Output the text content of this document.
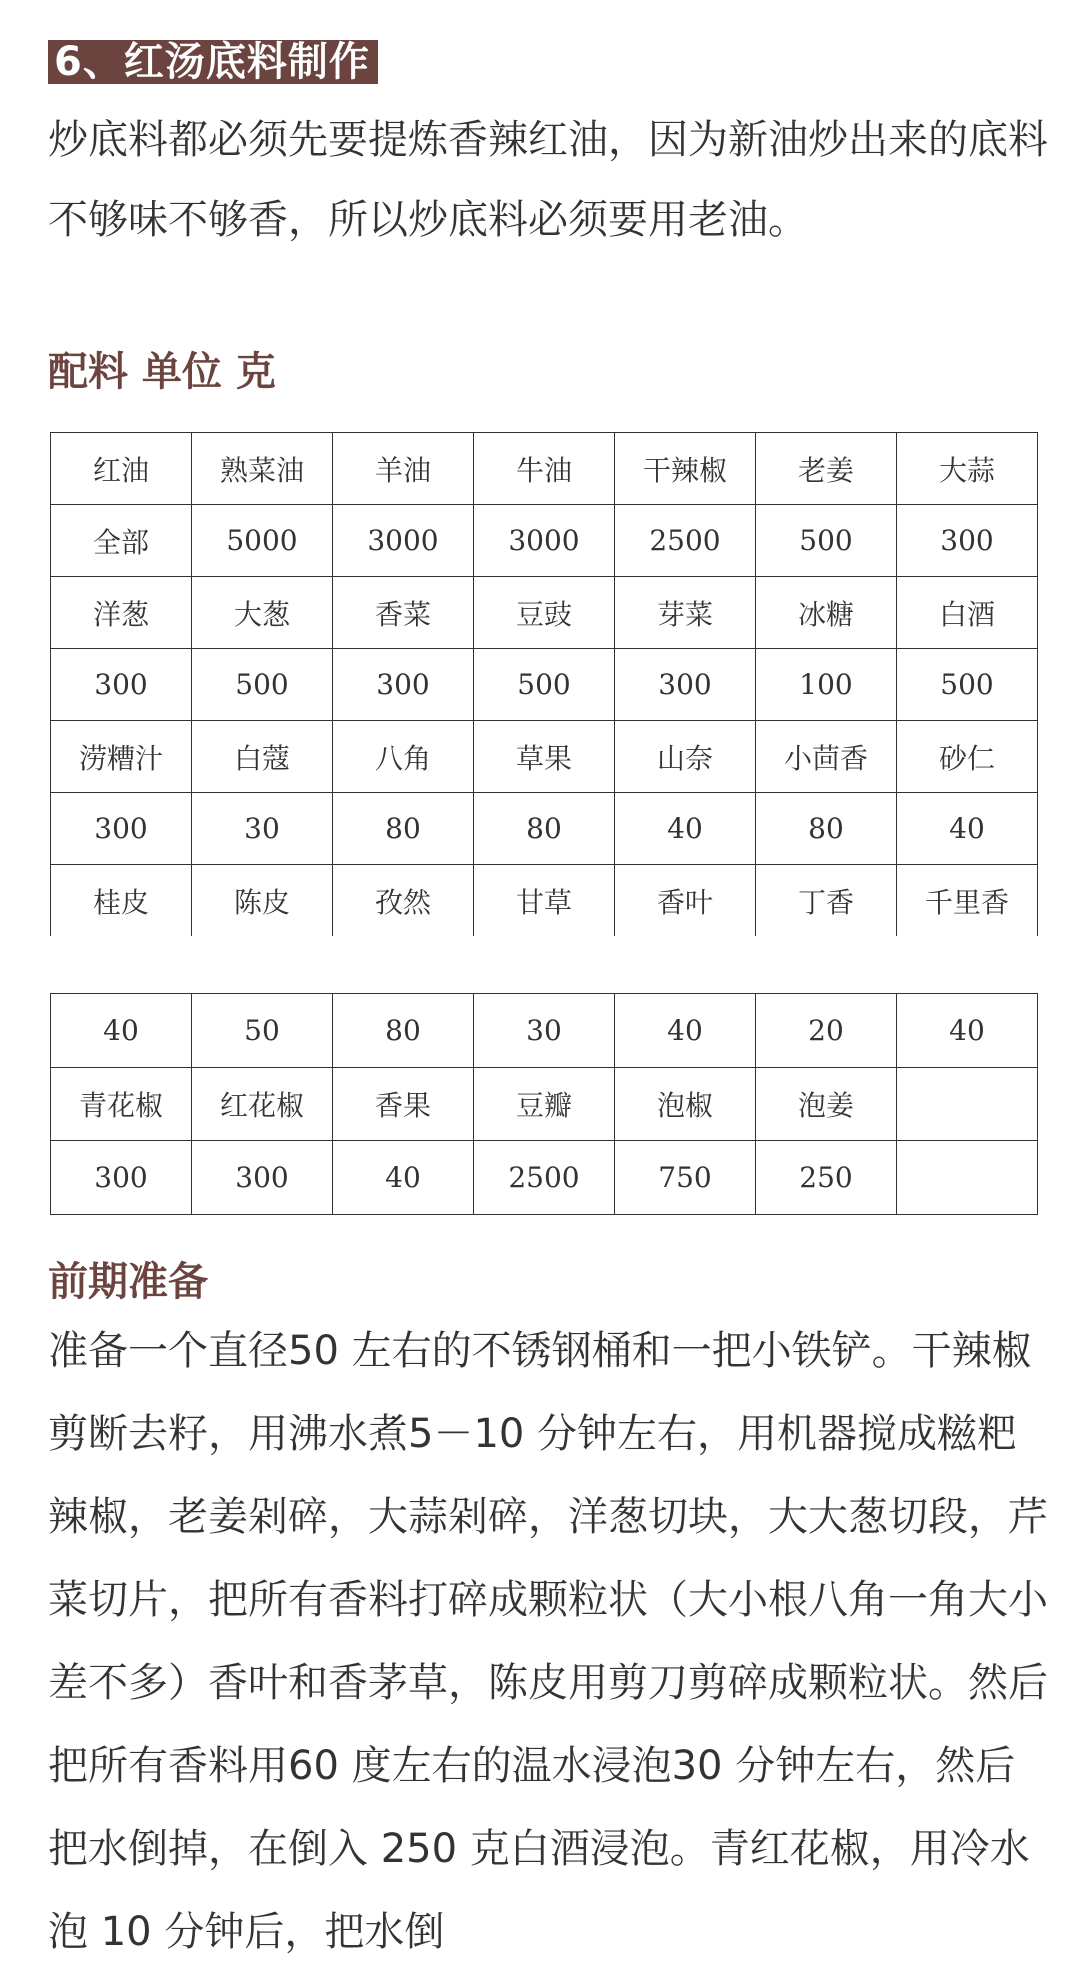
6、红汤底料制作

炒底料都必须先要提炼香辣红油，因为新油炒出来的底料不够味不够香，所以炒底料必须要用老油。

配料 单位 克
红油	熟菜油	羊油	牛油	干辣椒	老姜	大蒜
全部	5000	3000	3000	2500	500	300
洋葱	大葱	香菜	豆豉	芽菜	冰糖	白酒
300	500	300	500	300	100	500
涝糟汁	白蔻	八角	草果	山奈	小茴香	砂仁
300	30	80	80	40	80	40
桂皮	陈皮	孜然	甘草	香叶	丁香	千里香
40	50	80	30	40	20	40
青花椒	红花椒	香果	豆瓣	泡椒	泡姜	
300	300	40	2500	750	250	
前期准备

准备一个直径50 左右的不锈钢桶和一把小铁铲。干辣椒剪断去籽，用沸水煮5－10 分钟左右，用机器搅成糍粑辣椒，老姜剁碎，大蒜剁碎，洋葱切块，大大葱切段，芹菜切片，把所有香料打碎成颗粒状（大小根八角一角大小差不多）香叶和香茅草，陈皮用剪刀剪碎成颗粒状。然后把所有香料用60 度左右的温水浸泡30 分钟左右，然后把水倒掉，在倒入 250 克白酒浸泡。青红花椒，用冷水泡 10 分钟后，把水倒
